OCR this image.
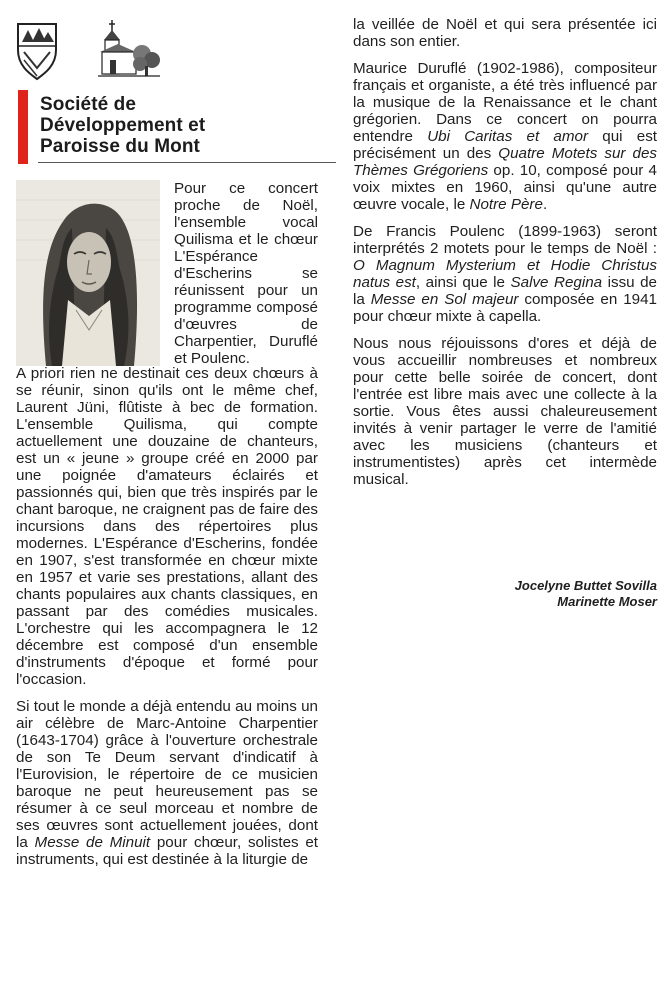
Société de
Développement et
Paroisse du Mont

Pour ce concert proche de Noël, l'ensemble vocal Quilisma et le chœur L'Espérance d'Escherins se réunissent pour un programme composé d'œuvres de Charpentier, Duruflé et Poulenc.

A priori rien ne destinait ces deux chœurs à se réunir, sinon qu'ils ont le même chef, Laurent Jüni, flûtiste à bec de formation. L'ensemble Quilisma, qui compte actuellement une douzaine de chanteurs, est un « jeune » groupe créé en 2000 par une poignée d'amateurs éclairés et passionnés qui, bien que très inspirés par le chant baroque, ne craignent pas de faire des incursions dans des répertoires plus modernes. L'Espérance d'Escherins, fondée en 1907, s'est transformée en chœur mixte en 1957 et varie ses prestations, allant des chants populaires aux chants classiques, en passant par des comédies musicales. L'orchestre qui les accompagnera le 12 décembre est composé d'un ensemble d'instruments d'époque et formé pour l'occasion.

Si tout le monde a déjà entendu au moins un air célèbre de Marc-Antoine Charpentier (1643-1704) grâce à l'ouverture orchestrale de son Te Deum servant d'indicatif à l'Eurovision, le répertoire de ce musicien baroque ne peut heureusement pas se résumer à ce seul morceau et nombre de ses œuvres sont actuellement jouées, dont la Messe de Minuit pour chœur, solistes et instruments, qui est destinée à la liturgie de

la veillée de Noël et qui sera présentée ici dans son entier.

Maurice Duruflé (1902-1986), compositeur français et organiste, a été très influencé par la musique de la Renaissance et le chant grégorien. Dans ce concert on pourra entendre Ubi Caritas et amor qui est précisément un des Quatre Motets sur des Thèmes Grégoriens op. 10, composé pour 4 voix mixtes en 1960, ainsi qu'une autre œuvre vocale, le Notre Père.

De Francis Poulenc (1899-1963) seront interprétés 2 motets pour le temps de Noël : O Magnum Mysterium et Hodie Christus natus est, ainsi que le Salve Regina issu de la Messe en Sol majeur composée en 1941 pour chœur mixte à capella.

Nous nous réjouissons d'ores et déjà de vous accueillir nombreuses et nombreux pour cette belle soirée de concert, dont l'entrée est libre mais avec une collecte à la sortie. Vous êtes aussi chaleureusement invités à venir partager le verre de l'amitié avec les musiciens (chanteurs et instrumentistes) après cet intermède musical.

Jocelyne Buttet Sovilla
Marinette Moser
